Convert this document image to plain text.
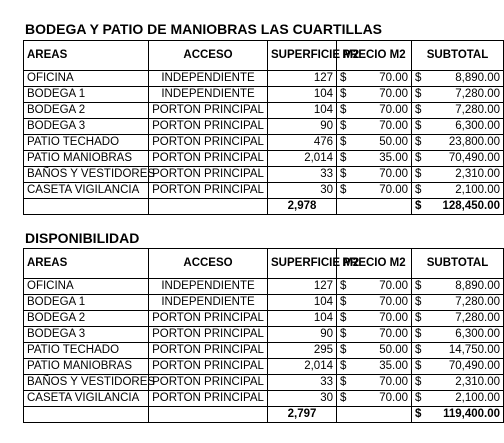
BODEGA Y PATIO DE MANIOBRAS LAS CUARTILLAS
AREAS	ACCESO	SUPERFICIE M2	PRECIO M2	SUBTOTAL
OFICINA	INDEPENDIENTE	127	$ 70.00	$ 8,890.00

BODEGA 1	INDEPENDIENTE	104	$ 70.00	$ 7,280.00

BODEGA 2	PORTON PRINCIPAL	104	$ 70.00	$ 7,280.00

BODEGA 3	PORTON PRINCIPAL	90	$ 70.00	$ 6,300.00

PATIO TECHADO	PORTON PRINCIPAL	476	$ 50.00	$ 23,800.00

PATIO MANIOBRAS	PORTON PRINCIPAL	2,014	$ 35.00	$ 70,490.00

BAÑOS Y VESTIDORES	PORTON PRINCIPAL	33	$ 70.00	$ 2,310.00

CASETA VIGILANCIA	PORTON PRINCIPAL	30	$ 70.00	$ 2,100.00

		2,978		$ 128,450.00
DISPONIBILIDAD
AREAS	ACCESO	SUPERFICIE M2	PRECIO M2	SUBTOTAL
OFICINA	INDEPENDIENTE	127	$ 70.00	$ 8,890.00

BODEGA 1	INDEPENDIENTE	104	$ 70.00	$ 7,280.00

BODEGA 2	PORTON PRINCIPAL	104	$ 70.00	$ 7,280.00

BODEGA 3	PORTON PRINCIPAL	90	$ 70.00	$ 6,300.00

PATIO TECHADO	PORTON PRINCIPAL	295	$ 50.00	$ 14,750.00

PATIO MANIOBRAS	PORTON PRINCIPAL	2,014	$ 35.00	$ 70,490.00

BAÑOS Y VESTIDORES	PORTON PRINCIPAL	33	$ 70.00	$ 2,310.00

CASETA VIGILANCIA	PORTON PRINCIPAL	30	$ 70.00	$ 2,100.00

		2,797		$ 119,400.00
